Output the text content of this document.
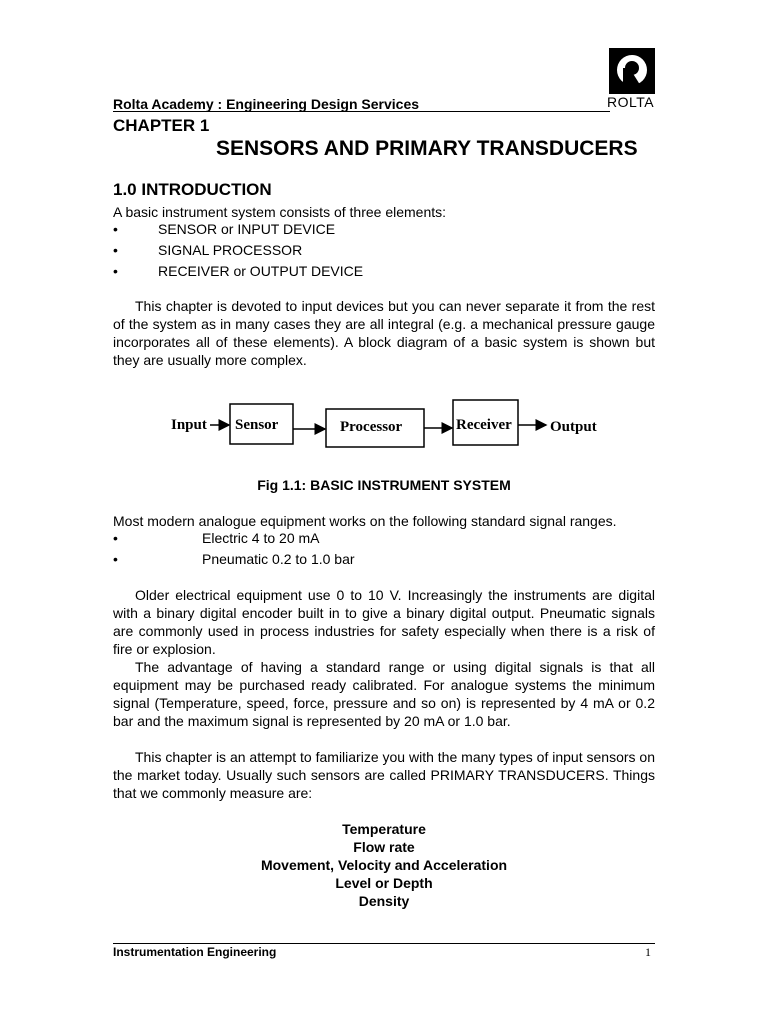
Rolta Academy : Engineering Design Services	ROLTA
CHAPTER 1
SENSORS AND PRIMARY TRANSDUCERS
1.0 INTRODUCTION
A basic instrument system consists of three elements:
•	SENSOR or INPUT DEVICE
•	SIGNAL PROCESSOR
•	RECEIVER or OUTPUT DEVICE

This chapter is devoted to input devices but you can never separate it from the rest of the system as in many cases they are all integral (e.g. a mechanical pressure gauge incorporates all of these elements). A block diagram of a basic system is shown but they are usually more complex.

Input Sensor	Processor	Receiver	Output
Fig 1.1: BASIC INSTRUMENT SYSTEM
Most modern analogue equipment works on the following standard signal ranges.
•	Electric 4 to 20 mA
•	Pneumatic 0.2 to 1.0 bar

Older electrical equipment use 0 to 10 V. Increasingly the instruments are digital with a binary digital encoder built in to give a binary digital output. Pneumatic signals are commonly used in process industries for safety especially when there is a risk of fire or explosion.

The advantage of having a standard range or using digital signals is that all equipment may be purchased ready calibrated. For analogue systems the minimum signal (Temperature, speed, force, pressure and so on) is represented by 4 mA or 0.2 bar and the maximum signal is represented by 20 mA or 1.0 bar.

This chapter is an attempt to familiarize you with the many types of input sensors on the market today. Usually such sensors are called PRIMARY TRANSDUCERS. Things that we commonly measure are:

Temperature
Flow rate
Movement, Velocity and Acceleration
Level or Depth
Density
Instrumentation Engineering	1
